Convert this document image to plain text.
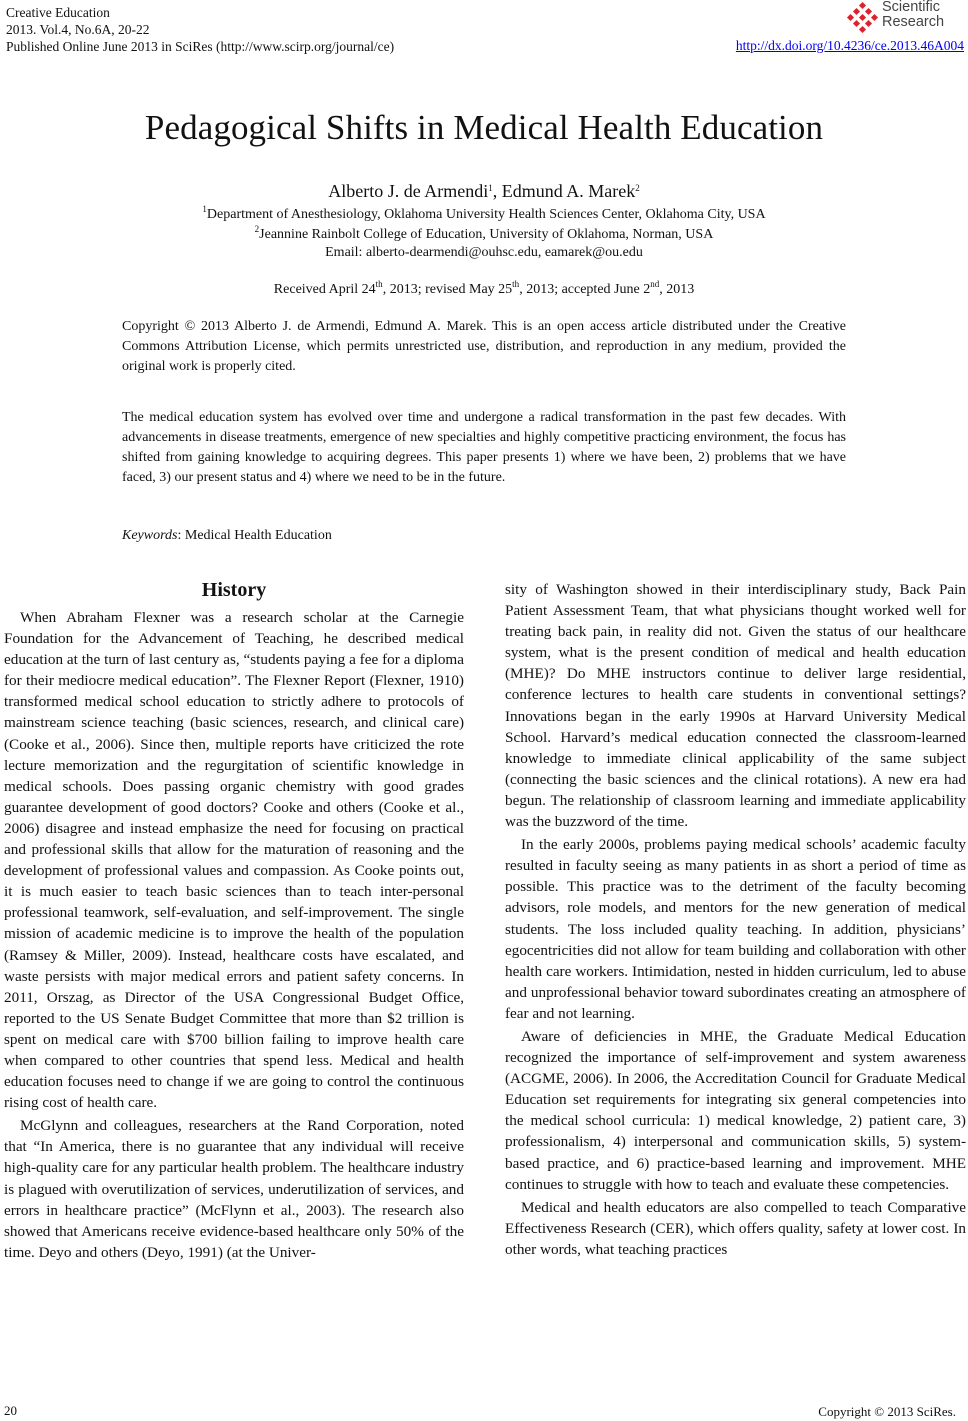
Creative Education
2013. Vol.4, No.6A, 20-22
Published Online June 2013 in SciRes (http://www.scirp.org/journal/ce)
Scientific
Research
http://dx.doi.org/10.4236/ce.2013.46A004
Pedagogical Shifts in Medical Health Education
Alberto J. de Armendi$^1$, Edmund A. Marek$^2$
$^1$Department of Anesthesiology, Oklahoma University Health Sciences Center, Oklahoma City, USA
$^2$Jeannine Rainbolt College of Education, University of Oklahoma, Norman, USA
Email: alberto-dearmendi@ouhsc.edu, eamarek@ou.edu
Received April 24th, 2013; revised May 25th, 2013; accepted June 2nd, 2013
Copyright © 2013 Alberto J. de Armendi, Edmund A. Marek. This is an open access article distributed under the Creative Commons Attribution License, which permits unrestricted use, distribution, and reproduction in any medium, provided the original work is properly cited.
The medical education system has evolved over time and undergone a radical transformation in the past few decades. With advancements in disease treatments, emergence of new specialties and highly competitive practicing environment, the focus has shifted from gaining knowledge to acquiring degrees. This paper presents 1) where we have been, 2) problems that we have faced, 3) our present status and 4) where we need to be in the future.
Keywords: Medical Health Education
History

When Abraham Flexner was a research scholar at the Carnegie Foundation for the Advancement of Teaching, he described medical education at the turn of last century as, “students paying a fee for a diploma for their mediocre medical education”. The Flexner Report (Flexner, 1910) transformed medical school education to strictly adhere to protocols of mainstream science teaching (basic sciences, research, and clinical care) (Cooke et al., 2006). Since then, multiple reports have criticized the rote lecture memorization and the regurgitation of scientific knowledge in medical schools. Does passing organic chemistry with good grades guarantee development of good doctors? Cooke and others (Cooke et al., 2006) disagree and instead emphasize the need for focusing on practical and professional skills that allow for the maturation of reasoning and the development of professional values and compassion. As Cooke points out, it is much easier to teach basic sciences than to teach inter-personal professional teamwork, self-evaluation, and self-improvement. The single mission of academic medicine is to improve the health of the population (Ramsey & Miller, 2009). Instead, healthcare costs have escalated, and waste persists with major medical errors and patient safety concerns. In 2011, Orszag, as Director of the USA Congressional Budget Office, reported to the US Senate Budget Committee that more than $2 trillion is spent on medical care with $700 billion failing to improve health care when compared to other countries that spend less. Medical and health education focuses need to change if we are going to control the continuous rising cost of health care.

McGlynn and colleagues, researchers at the Rand Corporation, noted that “In America, there is no guarantee that any individual will receive high-quality care for any particular health problem. The healthcare industry is plagued with overutilization of services, underutilization of services, and errors in healthcare practice” (McFlynn et al., 2003). The research also showed that Americans receive evidence-based healthcare only 50% of the time. Deyo and others (Deyo, 1991) (at the Univer-

sity of Washington showed in their interdisciplinary study, Back Pain Patient Assessment Team, that what physicians thought worked well for treating back pain, in reality did not. Given the status of our healthcare system, what is the present condition of medical and health education (MHE)? Do MHE instructors continue to deliver large residential, conference lectures to health care students in conventional settings? Innovations began in the early 1990s at Harvard University Medical School. Harvard’s medical education connected the classroom-learned knowledge to immediate clinical applicability of the same subject (connecting the basic sciences and the clinical rotations). A new era had begun. The relationship of classroom learning and immediate applicability was the buzzword of the time.

In the early 2000s, problems paying medical schools’ academic faculty resulted in faculty seeing as many patients in as short a period of time as possible. This practice was to the detriment of the faculty becoming advisors, role models, and mentors for the new generation of medical students. The loss included quality teaching. In addition, physicians’ egocentricities did not allow for team building and collaboration with other health care workers. Intimidation, nested in hidden curriculum, led to abuse and unprofessional behavior toward subordinates creating an atmosphere of fear and not learning.

Aware of deficiencies in MHE, the Graduate Medical Education recognized the importance of self-improvement and system awareness (ACGME, 2006). In 2006, the Accreditation Council for Graduate Medical Education set requirements for integrating six general competencies into the medical school curricula: 1) medical knowledge, 2) patient care, 3) professionalism, 4) interpersonal and communication skills, 5) system-based practice, and 6) practice-based learning and improvement. MHE continues to struggle with how to teach and evaluate these competencies.

Medical and health educators are also compelled to teach Comparative Effectiveness Research (CER), which offers quality, safety at lower cost. In other words, what teaching practices

20	Copyright © 2013 SciRes.
